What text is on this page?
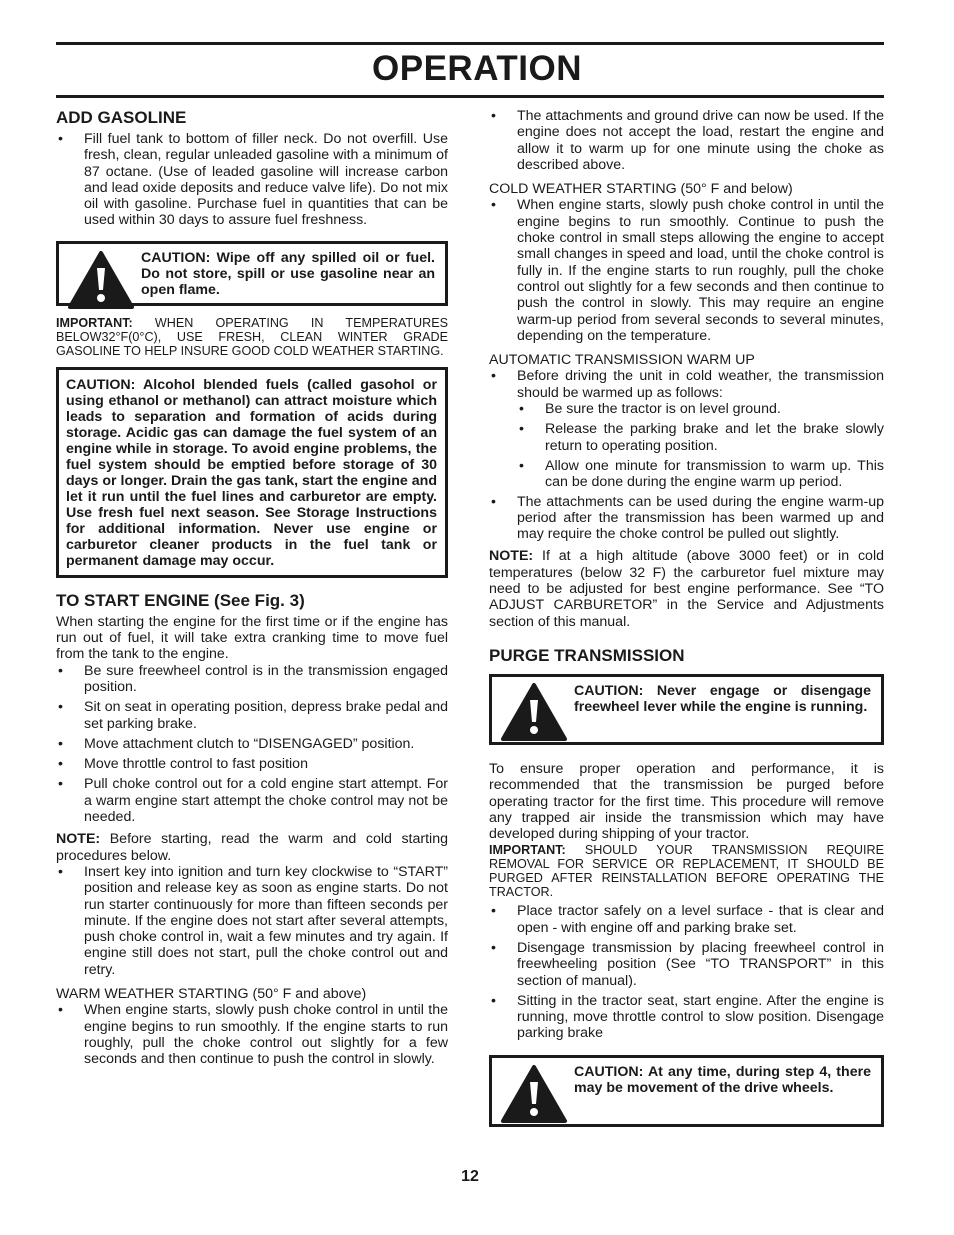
OPERATION
ADD GASOLINE
• Fill fuel tank to bottom of filler neck. Do not overfill. Use fresh, clean, regular unleaded gasoline with a minimum of 87 octane. (Use of leaded gasoline will increase carbon and lead oxide deposits and reduce valve life). Do not mix oil with gasoline. Purchase fuel in quantities that can be used within 30 days to assure fuel freshness.
CAUTION: Wipe off any spilled oil or fuel. Do not store, spill or use gasoline near an open flame.

IMPORTANT: WHEN OPERATING IN TEMPERATURES BELOW32°F(0°C), USE FRESH, CLEAN WINTER GRADE GASOLINE TO HELP INSURE GOOD COLD WEATHER STARTING.

CAUTION: Alcohol blended fuels (called gasohol or using ethanol or methanol) can attract moisture which leads to separation and formation of acids during storage. Acidic gas can damage the fuel system of an engine while in storage. To avoid engine problems, the fuel system should be emptied before storage of 30 days or longer. Drain the gas tank, start the engine and let it run until the fuel lines and carburetor are empty. Use fresh fuel next season. See Storage Instructions for additional information. Never use engine or carburetor cleaner products in the fuel tank or permanent damage may occur.
TO START ENGINE (See Fig. 3)

When starting the engine for the first time or if the engine has run out of fuel, it will take extra cranking time to move fuel from the tank to the engine.

• Be sure freewheel control is in the transmission engaged position.
• Sit on seat in operating position, depress brake pedal and set parking brake.
• Move attachment clutch to “DISENGAGED” position.
• Move throttle control to fast position
• Pull choke control out for a cold engine start attempt. For a warm engine start attempt the choke control may not be needed.

NOTE: Before starting, read the warm and cold starting procedures below.

• Insert key into ignition and turn key clockwise to “START” position and release key as soon as engine starts. Do not run starter continuously for more than fifteen seconds per minute. If the engine does not start after several attempts, push choke control in, wait a few minutes and try again. If engine still does not start, pull the choke control out and retry.

WARM WEATHER STARTING (50° F and above)

• When engine starts, slowly push choke control in until the engine begins to run smoothly. If the engine starts to run roughly, pull the choke control out slightly for a few seconds and then continue to push the control in slowly.
• The attachments and ground drive can now be used. If the engine does not accept the load, restart the engine and allow it to warm up for one minute using the choke as described above.

COLD WEATHER STARTING (50° F and below)

• When engine starts, slowly push choke control in until the engine begins to run smoothly. Continue to push the choke control in small steps allowing the engine to accept small changes in speed and load, until the choke control is fully in. If the engine starts to run roughly, pull the choke control out slightly for a few seconds and then continue to push the control in slowly. This may require an engine warm-up period from several seconds to several minutes, depending on the temperature.

AUTOMATIC TRANSMISSION WARM UP

• Before driving the unit in cold weather, the transmission should be warmed up as follows:
• Be sure the tractor is on level ground.
• Release the parking brake and let the brake slowly return to operating position.
• Allow one minute for transmission to warm up. This can be done during the engine warm up period.
• The attachments can be used during the engine warm-up period after the transmission has been warmed up and may require the choke control be pulled out slightly.

NOTE: If at a high altitude (above 3000 feet) or in cold temperatures (below 32 F) the carburetor fuel mixture may need to be adjusted for best engine performance. See “TO ADJUST CARBURETOR” in the Service and Adjustments section of this manual.

PURGE TRANSMISSION
CAUTION: Never engage or disengage freewheel lever while the engine is running.

To ensure proper operation and performance, it is recommended that the transmission be purged before operating tractor for the first time. This procedure will remove any trapped air inside the transmission which may have developed during shipping of your tractor.

IMPORTANT: SHOULD YOUR TRANSMISSION REQUIRE REMOVAL FOR SERVICE OR REPLACEMENT, IT SHOULD BE PURGED AFTER REINSTALLATION BEFORE OPERATING THE TRACTOR.

• Place tractor safely on a level surface - that is clear and open - with engine off and parking brake set.
• Disengage transmission by placing freewheel control in freewheeling position (See “TO TRANSPORT” in this section of manual).
• Sitting in the tractor seat, start engine. After the engine is running, move throttle control to slow position. Disengage parking brake
CAUTION: At any time, during step 4, there may be movement of the drive wheels.
12
